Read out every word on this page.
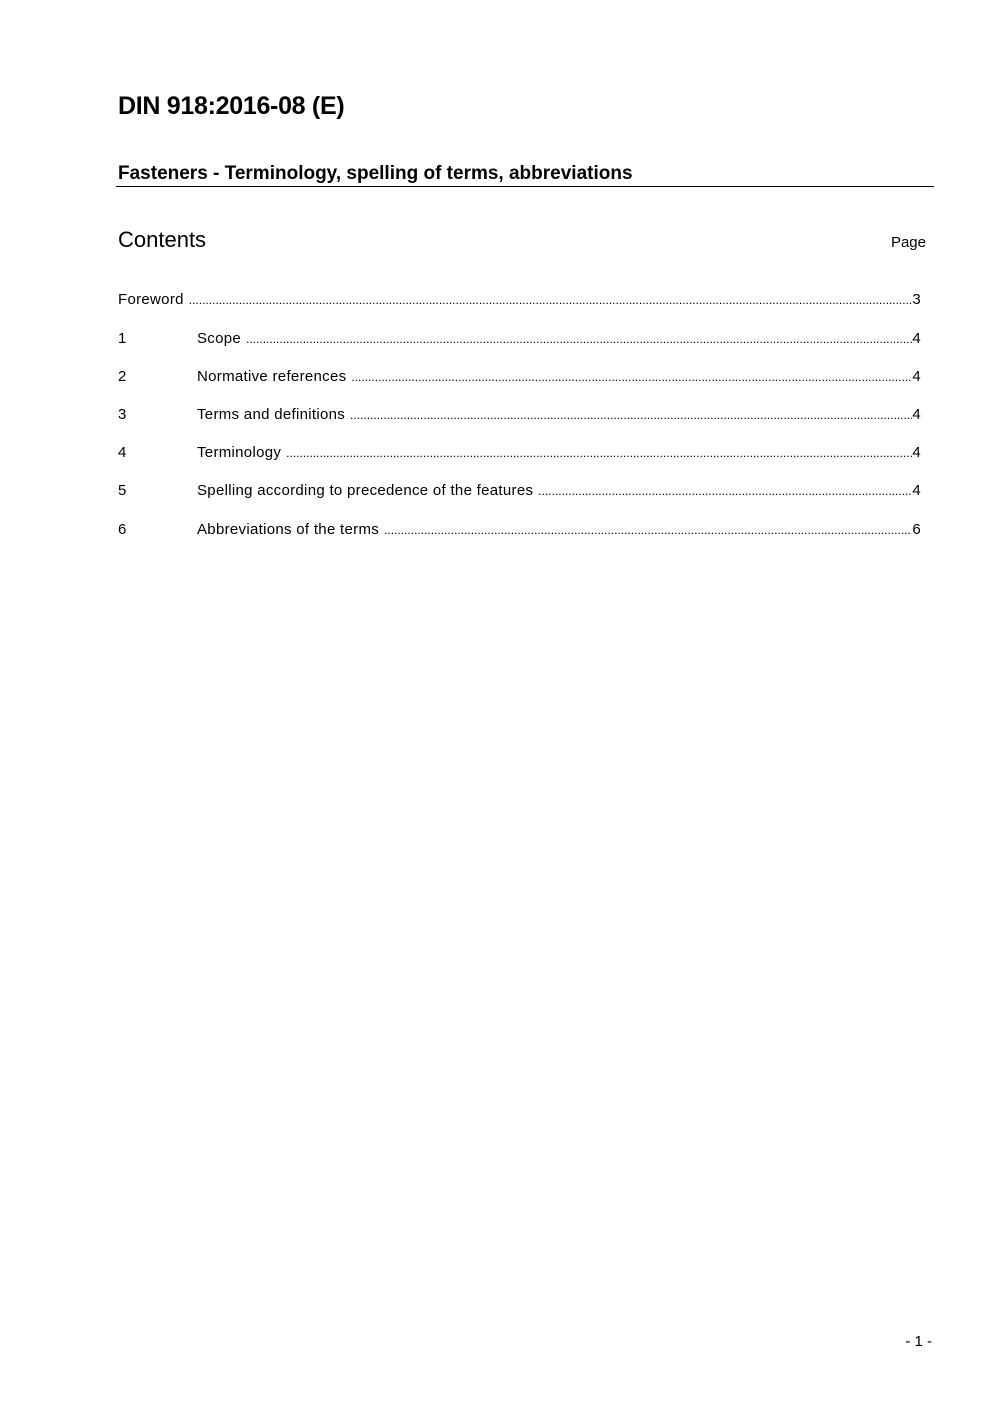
DIN 918:2016-08 (E)
Fasteners - Terminology, spelling of terms, abbreviations
Contents	Page
Foreword .....	3
1	Scope .....	4
2	Normative references .....	4
3	Terms and definitions .....	4
4	Terminology .....	4
5	Spelling according to precedence of the features .....	4
6	Abbreviations of the terms .....	6
- 1 -
